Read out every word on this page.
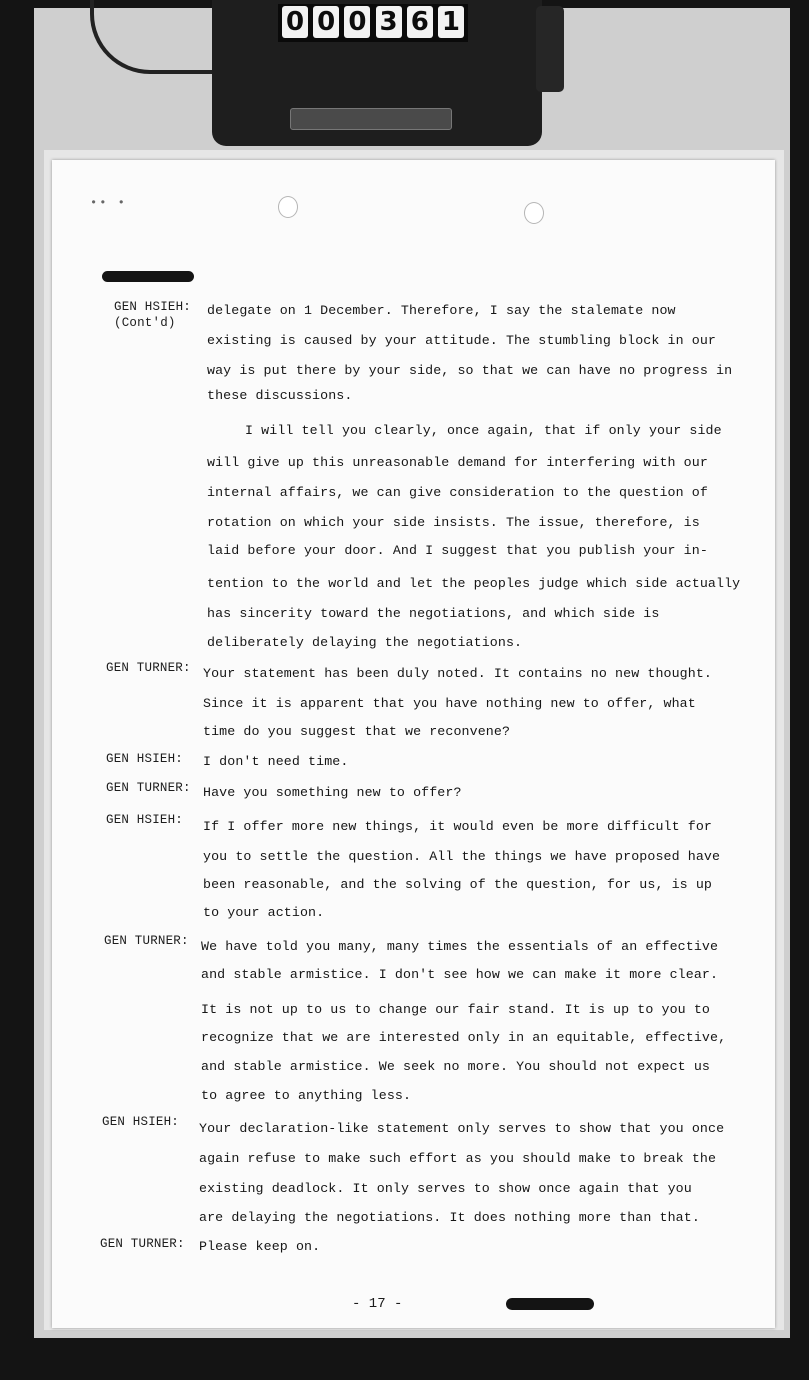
0 0 0 3 6 1
•• •
GEN HSIEH:
(Cont'd)
delegate on 1 December. Therefore, I say the stalemate now
existing is caused by your attitude. The stumbling block in our
way is put there by your side, so that we can have no progress in
these discussions.
I will tell you clearly, once again, that if only your side
will give up this unreasonable demand for interfering with our
internal affairs, we can give consideration to the question of
rotation on which your side insists. The issue, therefore, is
laid before your door. And I suggest that you publish your in-
tention to the world and let the peoples judge which side actually
has sincerity toward the negotiations, and which side is
deliberately delaying the negotiations.
GEN TURNER: Your statement has been duly noted. It contains no new thought.
Since it is apparent that you have nothing new to offer, what
time do you suggest that we reconvene?
GEN HSIEH: I don't need time.
GEN TURNER: Have you something new to offer?
GEN HSIEH: If I offer more new things, it would even be more difficult for
you to settle the question. All the things we have proposed have
been reasonable, and the solving of the question, for us, is up
to your action.
GEN TURNER: We have told you many, many times the essentials of an effective
and stable armistice. I don't see how we can make it more clear.
It is not up to us to change our fair stand. It is up to you to
recognize that we are interested only in an equitable, effective,
and stable armistice. We seek no more. You should not expect us
to agree to anything less.
GEN HSIEH: Your declaration-like statement only serves to show that you once
again refuse to make such effort as you should make to break the
existing deadlock. It only serves to show once again that you
are delaying the negotiations. It does nothing more than that.
GEN TURNER: Please keep on.
- 17 -
